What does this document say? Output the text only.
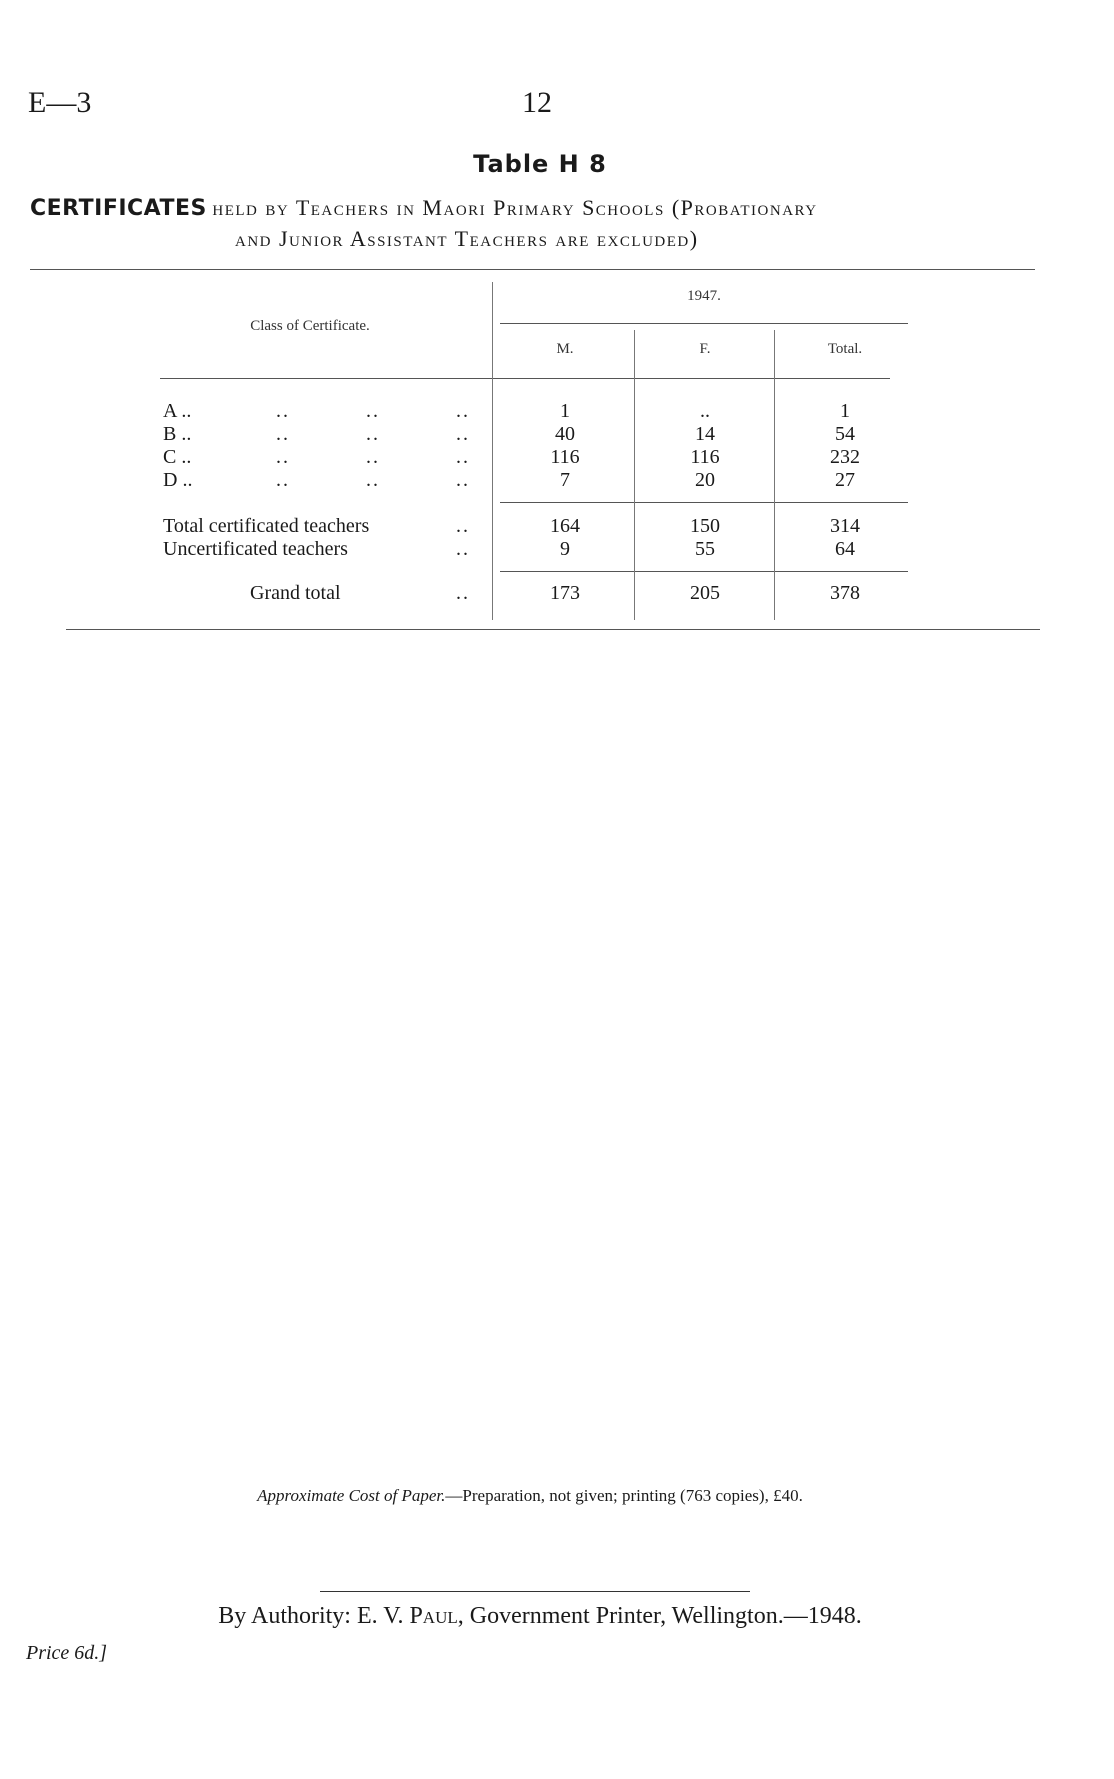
E—3	12
Table H 8
CERTIFICATES held by Teachers in Maori Primary Schools (Probationary
and Junior Assistant Teachers are excluded)
Class of Certificate.
1947.
M.	F.	Total.
A ..	..	..	..	1	..	1
B ..	..	..	..	40	14	54
C ..	..	..	..	116	116	232
D ..	..	..	..	7	20	27
Total certificated teachers	..	164	150	314
Uncertificated teachers	..	9	55	64
Grand total	..	173	205	378
Approximate Cost of Paper.—Preparation, not given; printing (763 copies), £40.
By Authority: E. V. Paul, Government Printer, Wellington.—1948.
Price 6d.]
